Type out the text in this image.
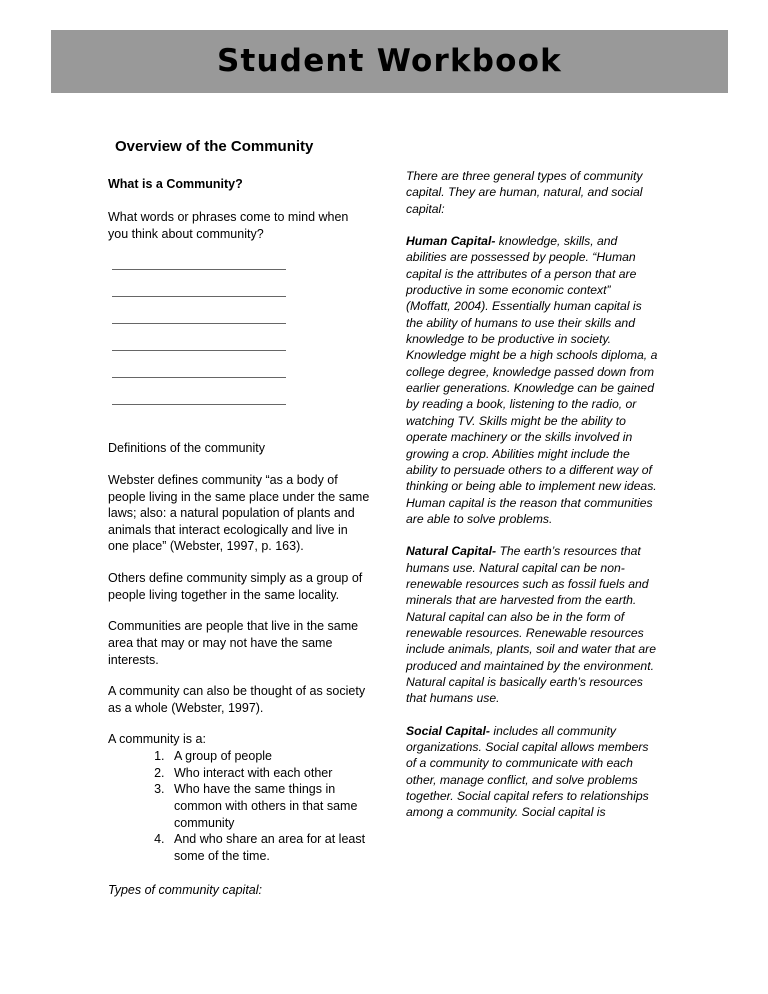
Student Workbook
Overview of the Community
What is a Community?

What words or phrases come to mind when you think about community?

Definitions of the community

Webster defines community “as a body of people living in the same place under the same laws; also: a natural population of plants and animals that interact ecologically and live in one place” (Webster, 1997, p. 163).

Others define community simply as a group of people living together in the same locality.

Communities are people that live in the same area that may or may not have the same interests.

A community can also be thought of as society as a whole (Webster, 1997).

A community is a:

1. A group of people
2. Who interact with each other
3. Who have the same things in common with others in that same community
4. And who share an area for at least some of the time.

Types of community capital:

There are three general types of community capital. They are human, natural, and social capital:

Human Capital- knowledge, skills, and abilities are possessed by people. “Human capital is the attributes of a person that are productive in some economic context” (Moffatt, 2004). Essentially human capital is the ability of humans to use their skills and knowledge to be productive in society. Knowledge might be a high schools diploma, a college degree, knowledge passed down from earlier generations. Knowledge can be gained by reading a book, listening to the radio, or watching TV. Skills might be the ability to operate machinery or the skills involved in growing a crop. Abilities might include the ability to persuade others to a different way of thinking or being able to implement new ideas. Human capital is the reason that communities are able to solve problems.

Natural Capital- The earth’s resources that humans use. Natural capital can be non-renewable resources such as fossil fuels and minerals that are harvested from the earth. Natural capital can also be in the form of renewable resources. Renewable resources include animals, plants, soil and water that are produced and maintained by the environment. Natural capital is basically earth’s resources that humans use.

Social Capital- includes all community organizations. Social capital allows members of a community to communicate with each other, manage conflict, and solve problems together. Social capital refers to relationships among a community. Social capital is
